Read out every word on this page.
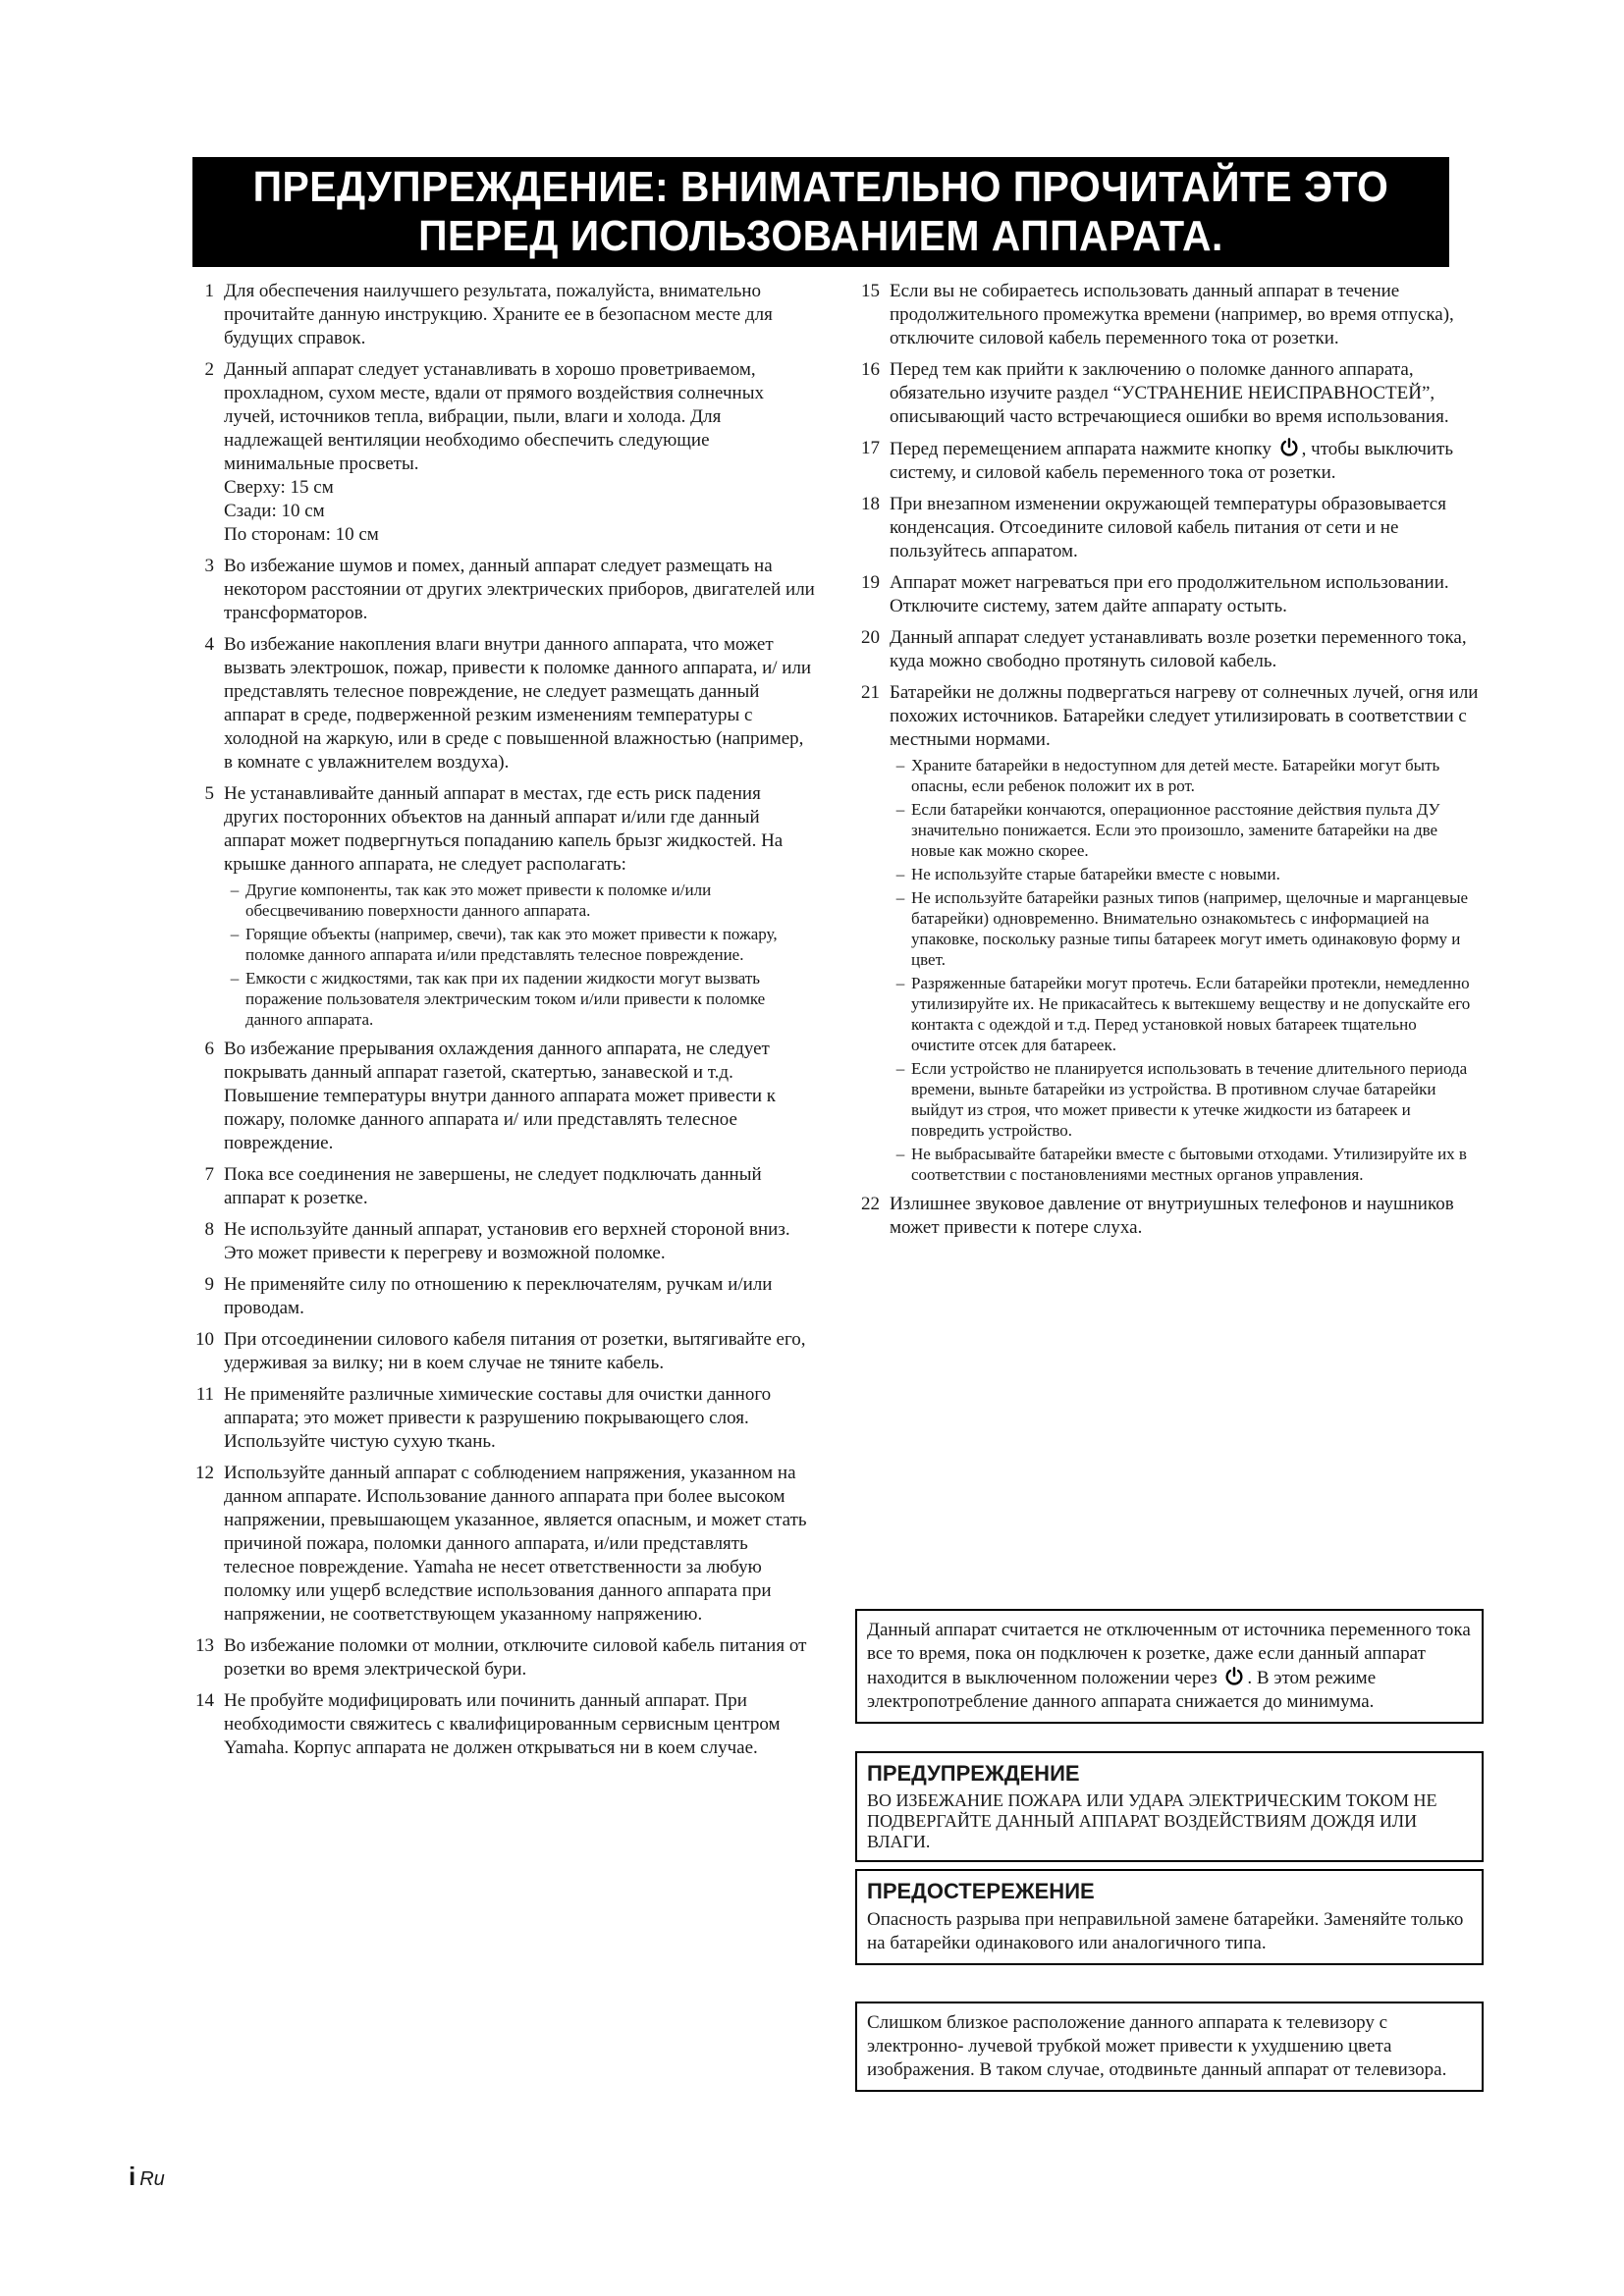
ПРЕДУПРЕЖДЕНИЕ: ВНИМАТЕЛЬНО ПРОЧИТАЙТЕ ЭТО
ПЕРЕД ИСПОЛЬЗОВАНИЕМ АППАРАТА.
1 Для обеспечения наилучшего результата, пожалуйста, внимательно прочитайте данную инструкцию. Храните ее в безопасном месте для будущих справок.
2 Данный аппарат следует устанавливать в хорошо проветриваемом, прохладном, сухом месте, вдали от прямого воздействия солнечных лучей, источников тепла, вибрации, пыли, влаги и холода. Для надлежащей вентиляции необходимо обеспечить следующие минимальные просветы.
Сверху: 15 см
Сзади: 10 см
По сторонам: 10 см
3 Во избежание шумов и помех, данный аппарат следует размещать на некотором расстоянии от других электрических приборов, двигателей или трансформаторов.
4 Во избежание накопления влаги внутри данного аппарата, что может вызвать электрошок, пожар, привести к поломке данного аппарата, и/ или представлять телесное повреждение, не следует размещать данный аппарат в среде, подверженной резким изменениям температуры с холодной на жаркую, или в среде с повышенной влажностью (например, в комнате с увлажнителем воздуха).
5 Не устанавливайте данный аппарат в местах, где есть риск падения других посторонних объектов на данный аппарат и/или где данный аппарат может подвергнуться попаданию капель брызг жидкостей. На крышке данного аппарата, не следует располагать:
– Другие компоненты, так как это может привести к поломке и/или обесцвечиванию поверхности данного аппарата.
– Горящие объекты (например, свечи), так как это может привести к пожару, поломке данного аппарата и/или представлять телесное повреждение.
– Емкости с жидкостями, так как при их падении жидкости могут вызвать поражение пользователя электрическим током и/или привести к поломке данного аппарата.
6 Во избежание прерывания охлаждения данного аппарата, не следует покрывать данный аппарат газетой, скатертью, занавеской и т.д. Повышение температуры внутри данного аппарата может привести к пожару, поломке данного аппарата и/ или представлять телесное повреждение.
7 Пока все соединения не завершены, не следует подключать данный аппарат к розетке.
8 Не используйте данный аппарат, установив его верхней стороной вниз. Это может привести к перегреву и возможной поломке.
9 Не применяйте силу по отношению к переключателям, ручкам и/или проводам.
10 При отсоединении силового кабеля питания от розетки, вытягивайте его, удерживая за вилку; ни в коем случае не тяните кабель.
11 Не применяйте различные химические составы для очистки данного аппарата; это может привести к разрушению покрывающего слоя. Используйте чистую сухую ткань.
12 Используйте данный аппарат с соблюдением напряжения, указанном на данном аппарате. Использование данного аппарата при более высоком напряжении, превышающем указанное, является опасным, и может стать причиной пожара, поломки данного аппарата, и/или представлять телесное повреждение. Yamaha не несет ответственности за любую поломку или ущерб вследствие использования данного аппарата при напряжении, не соответствующем указанному напряжению.
13 Во избежание поломки от молнии, отключите силовой кабель питания от розетки во время электрической бури.
14 Не пробуйте модифицировать или починить данный аппарат. При необходимости свяжитесь с квалифицированным сервисным центром Yamaha. Корпус аппарата не должен открываться ни в коем случае.
15 Если вы не собираетесь использовать данный аппарат в течение продолжительного промежутка времени (например, во время отпуска), отключите силовой кабель переменного тока от розетки.
16 Перед тем как прийти к заключению о поломке данного аппарата, обязательно изучите раздел “УСТРАНЕНИЕ НЕИСПРАВНОСТЕЙ”, описывающий часто встречающиеся ошибки во время использования.
17 Перед перемещением аппарата нажмите кнопку , чтобы выключить систему, и силовой кабель переменного тока от розетки.
18 При внезапном изменении окружающей температуры образовывается конденсация. Отсоедините силовой кабель питания от сети и не пользуйтесь аппаратом.
19 Аппарат может нагреваться при его продолжительном использовании. Отключите систему, затем дайте аппарату остыть.
20 Данный аппарат следует устанавливать возле розетки переменного тока, куда можно свободно протянуть силовой кабель.
21 Батарейки не должны подвергаться нагреву от солнечных лучей, огня или похожих источников. Батарейки следует утилизировать в соответствии с местными нормами.
– Храните батарейки в недоступном для детей месте. Батарейки могут быть опасны, если ребенок положит их в рот.
– Если батарейки кончаются, операционное расстояние действия пульта ДУ значительно понижается. Если это произошло, замените батарейки на две новые как можно скорее.
– Не используйте старые батарейки вместе с новыми.
– Не используйте батарейки разных типов (например, щелочные и марганцевые батарейки) одновременно. Внимательно ознакомьтесь с информацией на упаковке, поскольку разные типы батареек могут иметь одинаковую форму и цвет.
– Разряженные батарейки могут протечь. Если батарейки протекли, немедленно утилизируйте их. Не прикасайтесь к вытекшему веществу и не допускайте его контакта с одеждой и т.д. Перед установкой новых батареек тщательно очистите отсек для батареек.
– Если устройство не планируется использовать в течение длительного периода времени, выньте батарейки из устройства. В противном случае батарейки выйдут из строя, что может привести к утечке жидкости из батареек и повредить устройство.
– Не выбрасывайте батарейки вместе с бытовыми отходами. Утилизируйте их в соответствии с постановлениями местных органов управления.
22 Излишнее звуковое давление от внутриушных телефонов и наушников может привести к потере слуха.
Данный аппарат считается не отключенным от источника переменного тока все то время, пока он подключен к розетке, даже если данный аппарат находится в выключенном положении через . В этом режиме электропотребление данного аппарата снижается до минимума.
ПРЕДУПРЕЖДЕНИЕ
ВО ИЗБЕЖАНИЕ ПОЖАРА ИЛИ УДАРА ЭЛЕКТРИЧЕСКИМ ТОКОМ НЕ ПОДВЕРГАЙТЕ ДАННЫЙ АППАРАТ ВОЗДЕЙСТВИЯМ ДОЖДЯ ИЛИ ВЛАГИ.
ПРЕДОСТЕРЕЖЕНИЕ
Опасность разрыва при неправильной замене батарейки. Заменяйте только на батарейки одинакового или аналогичного типа.
Слишком близкое расположение данного аппарата к телевизору с электронно- лучевой трубкой может привести к ухудшению цвета изображения. В таком случае, отодвиньте данный аппарат от телевизора.
i Ru
